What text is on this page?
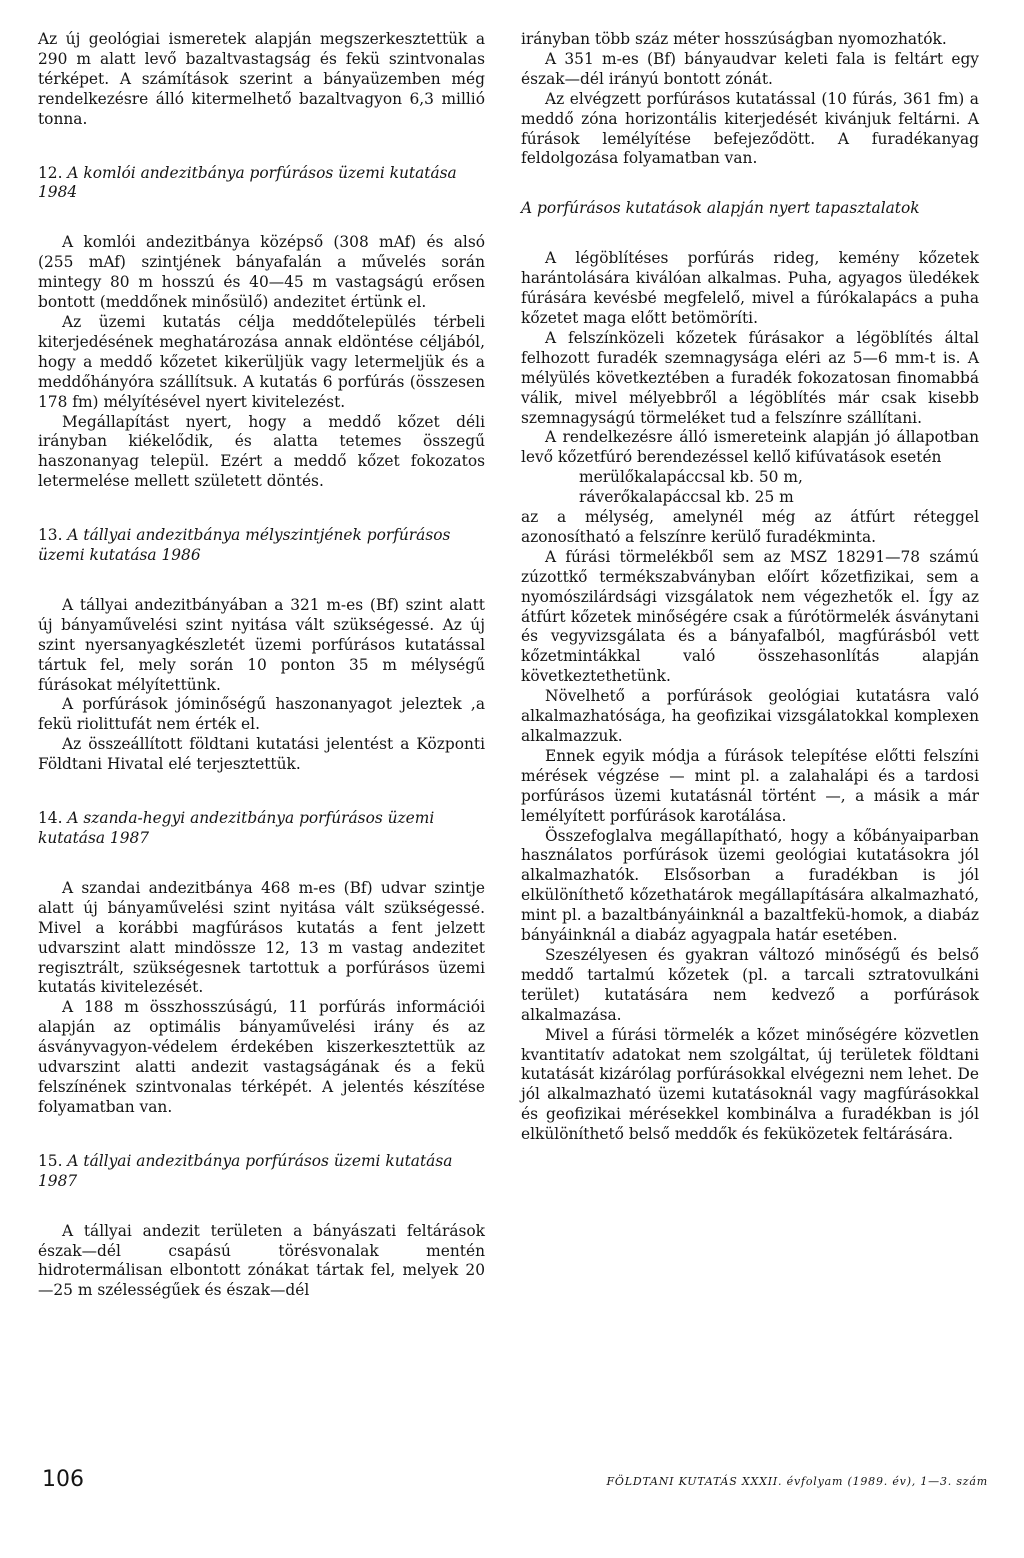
Az új geológiai ismeretek alapján megszerkesztettük a 290 m alatt levő bazaltvastagság és fekü szintvonalas térképet. A számítások szerint a bányaüzemben még rendelkezésre álló kitermelhető bazaltvagyon 6,3 millió tonna.

12. A komlói andezitbánya porfúrásos üzemi kutatása 1984

A komlói andezitbánya középső (308 mAf) és alsó (255 mAf) szintjének bányafalán a művelés során mintegy 80 m hosszú és 40—45 m vastagságú erősen bontott (meddőnek minősülő) andezitet értünk el.

Az üzemi kutatás célja meddőtelepülés térbeli kiterjedésének meghatározása annak eldöntése céljából, hogy a meddő kőzetet kikerüljük vagy letermeljük és a meddőhányóra szállítsuk. A kutatás 6 porfúrás (összesen 178 fm) mélyítésével nyert kivitelezést.

Megállapítást nyert, hogy a meddő kőzet déli irányban kiékelődik, és alatta tetemes összegű haszonanyag települ. Ezért a meddő kőzet fokozatos letermelése mellett született döntés.

13. A tállyai andezitbánya mélyszintjének porfúrásos üzemi kutatása 1986

A tállyai andezitbányában a 321 m-es (Bf) szint alatt új bányaművelési szint nyitása vált szükségessé. Az új szint nyersanyagkészletét üzemi porfúrásos kutatással tártuk fel, mely során 10 ponton 35 m mélységű fúrásokat mélyítettünk.

A porfúrások jóminőségű haszonanyagot jeleztek ,a fekü riolittufát nem érték el.

Az összeállított földtani kutatási jelentést a Központi Földtani Hivatal elé terjesztettük.

14. A szanda-hegyi andezitbánya porfúrásos üzemi kutatása 1987

A szandai andezitbánya 468 m-es (Bf) udvar szintje alatt új bányaművelési szint nyitása vált szükségessé. Mivel a korábbi magfúrásos kutatás a fent jelzett udvarszint alatt mindössze 12, 13 m vastag andezitet regisztrált, szükségesnek tartottuk a porfúrásos üzemi kutatás kivitelezését.

A 188 m összhosszúságú, 11 porfúrás információi alapján az optimális bányaművelési irány és az ásványvagyon-védelem érdekében kiszerkesztettük az udvarszint alatti andezit vastagságának és a fekü felszínének szintvonalas térképét. A jelentés készítése folyamatban van.

15. A tállyai andezitbánya porfúrásos üzemi kutatása 1987

A tállyai andezit területen a bányászati feltárások észak—dél csapású törésvonalak mentén hidrotermálisan elbontott zónákat tártak fel, melyek 20—25 m szélességűek és észak—dél

irányban több száz méter hosszúságban nyomozhatók.

A 351 m-es (Bf) bányaudvar keleti fala is feltárt egy észak—dél irányú bontott zónát.

Az elvégzett porfúrásos kutatással (10 fúrás, 361 fm) a meddő zóna horizontális kiterjedését kivánjuk feltárni. A fúrások lemélyítése befejeződött. A furadékanyag feldolgozása folyamatban van.

A porfúrásos kutatások alapján nyert tapasztalatok

A légöblítéses porfúrás rideg, kemény kőzetek harántolására kiválóan alkalmas. Puha, agyagos üledékek fúrására kevésbé megfelelő, mivel a fúrókalapács a puha kőzetet maga előtt betömöríti.

A felszínközeli kőzetek fúrásakor a légöblítés által felhozott furadék szemnagysága eléri az 5—6 mm-t is. A mélyülés következtében a furadék fokozatosan finomabbá válik, mivel mélyebbről a légöblítés már csak kisebb szemnagyságú törmeléket tud a felszínre szállítani.

A rendelkezésre álló ismereteink alapján jó állapotban levő kőzetfúró berendezéssel kellő kifúvatások esetén

merülőkalapáccsal kb. 50 m,
ráverőkalapáccsal kb. 25 m

az a mélység, amelynél még az átfúrt réteggel azonosítható a felszínre kerülő furadékminta.

A fúrási törmelékből sem az MSZ 18291—78 számú zúzottkő termékszabványban előírt kőzetfizikai, sem a nyomószilárdsági vizsgálatok nem végezhetők el. Így az átfúrt kőzetek minőségére csak a fúrótörmelék ásványtani és vegyvizsgálata és a bányafalból, magfúrásból vett kőzetmintákkal való összehasonlítás alapján következtethetünk.

Növelhető a porfúrások geológiai kutatásra való alkalmazhatósága, ha geofizikai vizsgálatokkal komplexen alkalmazzuk.

Ennek egyik módja a fúrások telepítése előtti felszíni mérések végzése — mint pl. a zalahalápi és a tardosi porfúrásos üzemi kutatásnál történt —, a másik a már lemélyített porfúrások karotálása.

Összefoglalva megállapítható, hogy a kőbányaiparban használatos porfúrások üzemi geológiai kutatásokra jól alkalmazhatók. Elsősorban a furadékban is jól elkülöníthető kőzethatárok megállapítására alkalmazható, mint pl. a bazaltbányáinknál a bazaltfekü-homok, a diabáz bányáinknál a diabáz agyagpala határ esetében.

Szeszélyesen és gyakran változó minőségű és belső meddő tartalmú kőzetek (pl. a tarcali sztratovulkáni terület) kutatására nem kedvező a porfúrások alkalmazása.

Mivel a fúrási törmelék a kőzet minőségére közvetlen kvantitatív adatokat nem szolgáltat, új területek földtani kutatását kizárólag porfúrásokkal elvégezni nem lehet. De jól alkalmazható üzemi kutatásoknál vagy magfúrásokkal és geofizikai mérésekkel kombinálva a furadékban is jól elkülöníthető belső meddők és feküközetek feltárására.

106	FÖLDTANI KUTATÁS XXXII. évfolyam (1989. év), 1—3. szám
